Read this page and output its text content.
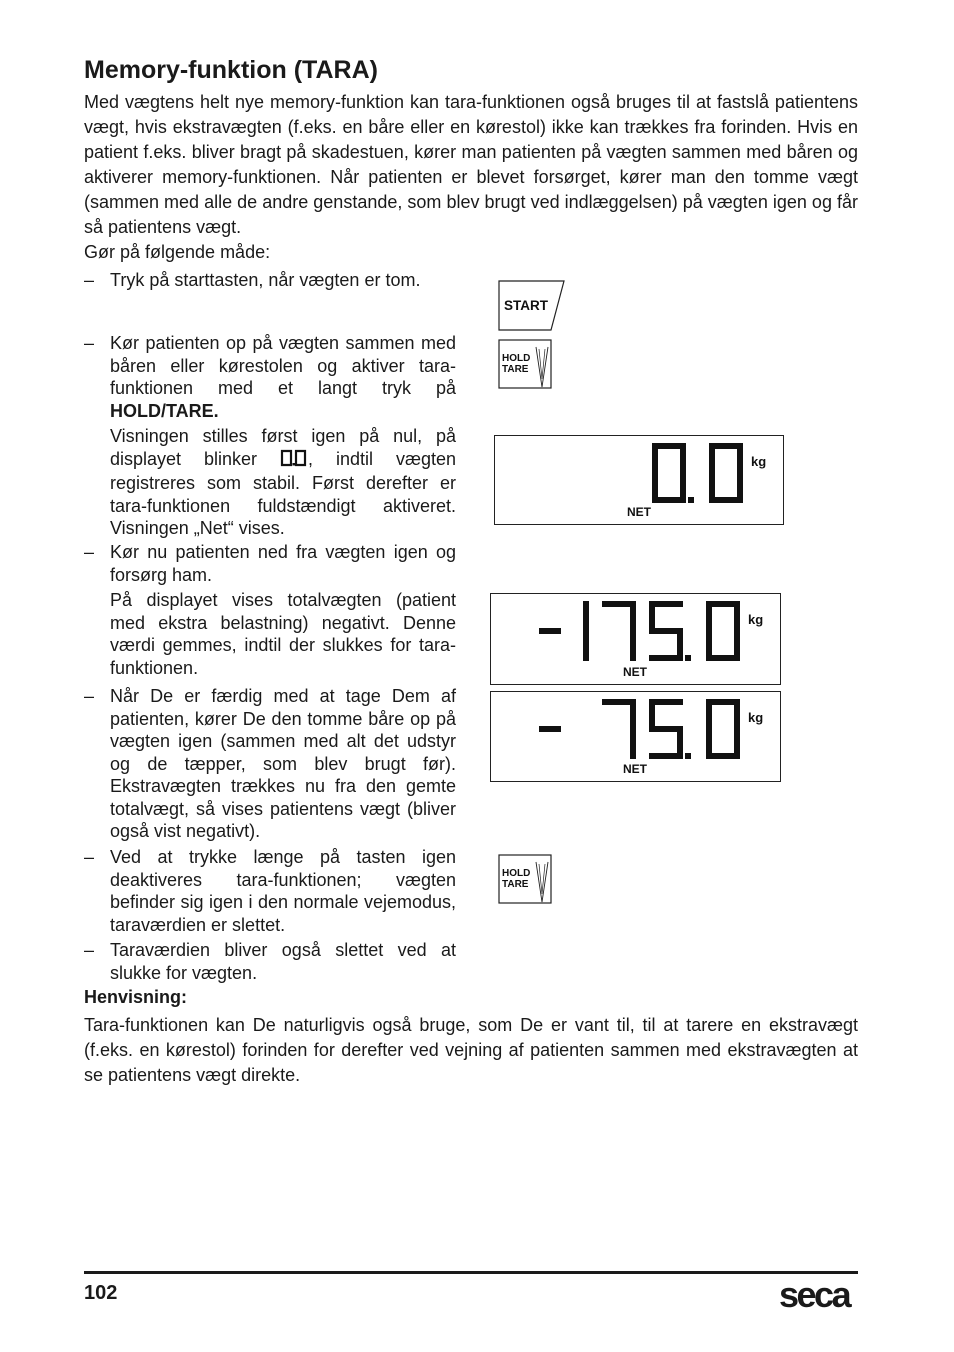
Memory-funktion (TARA)

Med vægtens helt nye memory-funktion kan tara-funktionen også bruges til at fastslå patientens vægt, hvis ekstravægten (f.eks. en båre eller en kørestol) ikke kan trækkes fra forinden. Hvis en patient f.eks. bliver bragt på skadestuen, kører man patienten på vægten sammen med båren og aktiverer memory-funktionen. Når patienten er blevet forsørget, kører man den tomme vægt (sammen med alle de andre genstande, som blev brugt ved indlæggelsen) på vægten igen og får så patientens vægt.

Gør på følgende måde:

– Tryk på starttasten, når vægten er tom.
– Kør patienten op på vægten sammen med båren eller kørestolen og aktiver tara-funktionen med et langt tryk på HOLD/TARE.
Visningen stilles først igen på nul, på displayet blinker	, indtil vægten registreres som stabil. Først derefter er tara-funktionen fuldstændigt aktiveret. Visningen „Net“ vises.
– Kør nu patienten ned fra vægten igen og forsørg ham.
På displayet vises totalvægten (patient med ekstra belastning) negativt. Denne værdi gemmes, indtil der slukkes for tara-funktionen.
– Når De er færdig med at tage Dem af patienten, kører De den tomme båre op på vægten igen (sammen med alt det udstyr og de tæpper, som blev brugt før). Ekstravægten trækkes nu fra den gemte totalvægt, så vises patientens vægt (bliver også vist negativt).
– Ved at trykke længe på tasten igen deaktiveres tara-funktionen; vægten befinder sig igen i den normale vejemodus, taraværdien er slettet.
– Taraværdien bliver også slettet ved at slukke for vægten.
Henvisning:
Tara-funktionen kan De naturligvis også bruge, som De er vant til, til at tarere en ekstravægt (f.eks. en kørestol) forinden for derefter ved vejning af patienten sammen med ekstravægten at se patientens vægt direkte.
START
HOLD
TARE
HOLD
TARE
kg
NET
kg
NET
kg
NET
102	seca
